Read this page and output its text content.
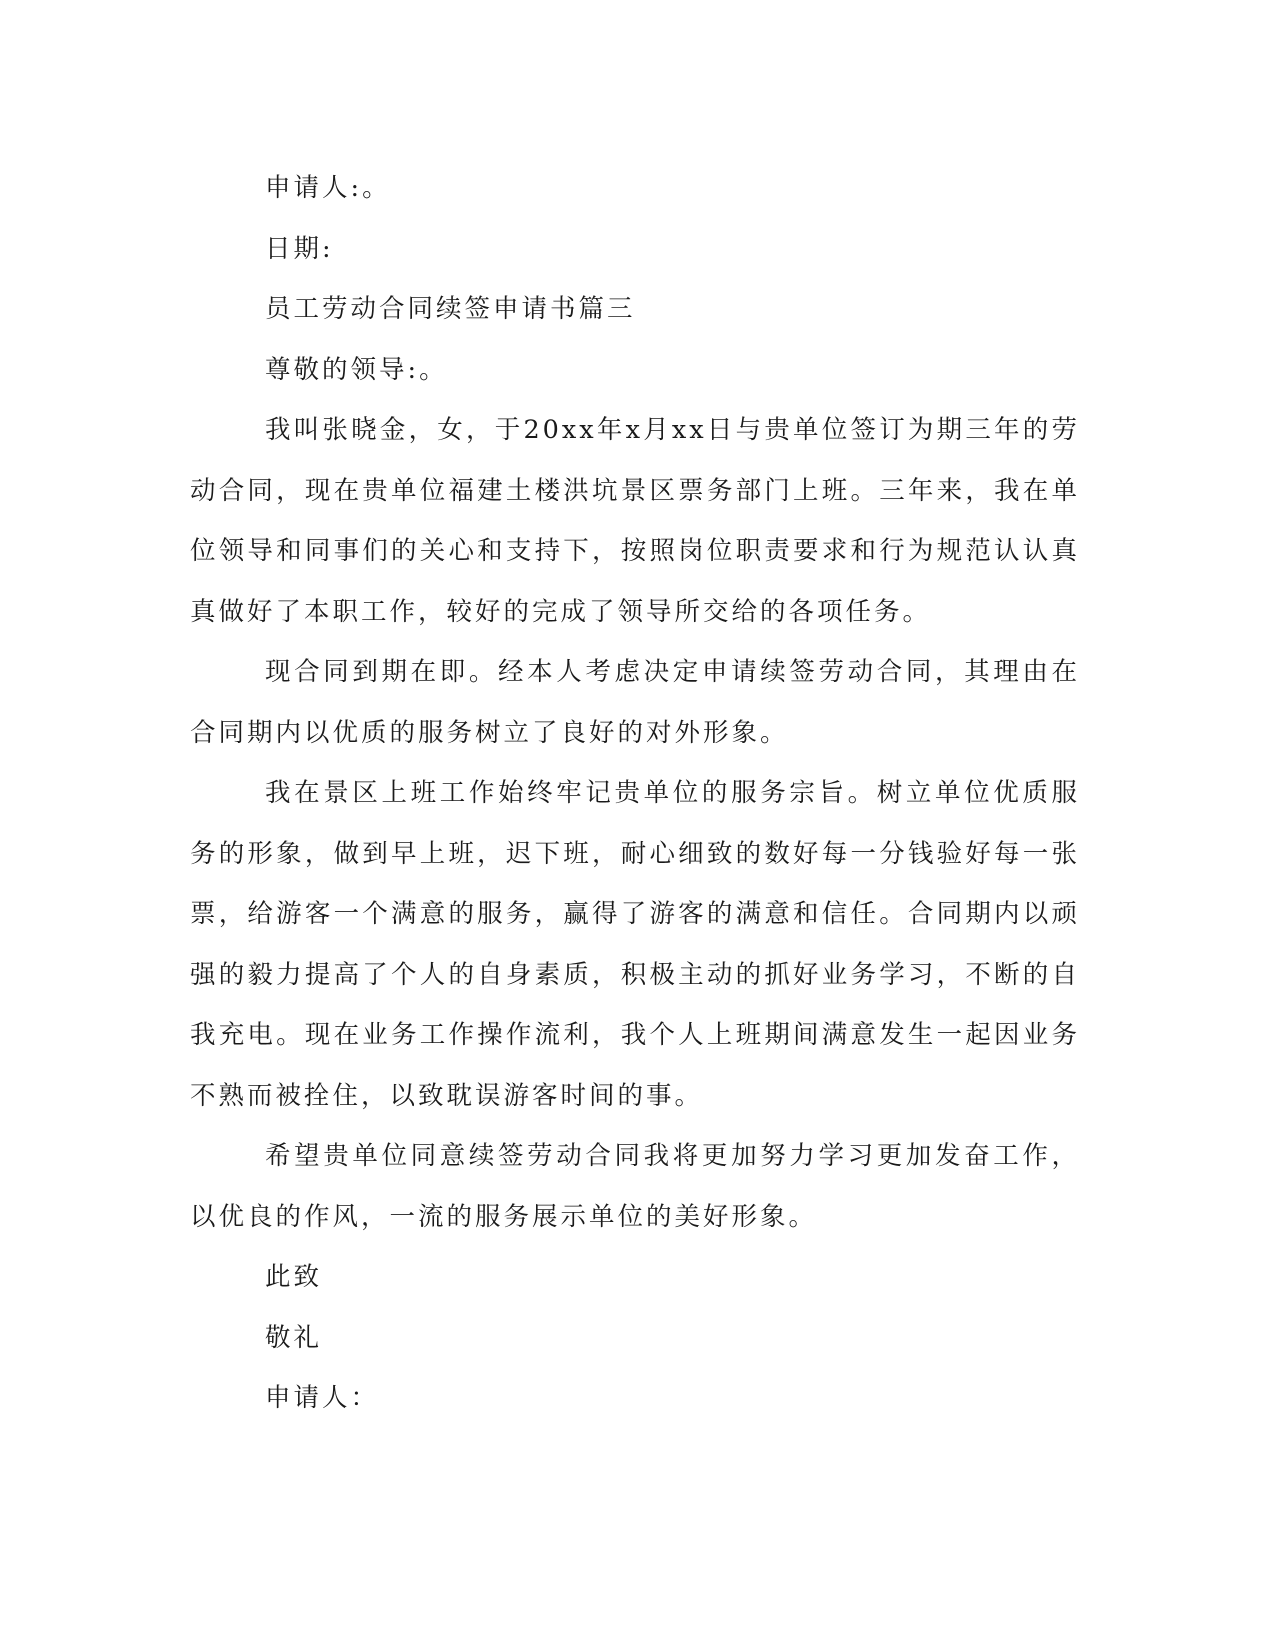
申请人:。

日期:

员工劳动合同续签申请书篇三

尊敬的领导:。

我叫张晓金，女，于20xx年x月xx日与贵单位签订为期三年的劳动合同，现在贵单位福建土楼洪坑景区票务部门上班。三年来，我在单位领导和同事们的关心和支持下，按照岗位职责要求和行为规范认认真真做好了本职工作，较好的完成了领导所交给的各项任务。

现合同到期在即。经本人考虑决定申请续签劳动合同，其理由在合同期内以优质的服务树立了良好的对外形象。

我在景区上班工作始终牢记贵单位的服务宗旨。树立单位优质服务的形象，做到早上班，迟下班，耐心细致的数好每一分钱验好每一张票，给游客一个满意的服务，赢得了游客的满意和信任。合同期内以顽强的毅力提高了个人的自身素质，积极主动的抓好业务学习，不断的自我充电。现在业务工作操作流利，我个人上班期间满意发生一起因业务不熟而被拴住，以致耽误游客时间的事。

希望贵单位同意续签劳动合同我将更加努力学习更加发奋工作，以优良的作风，一流的服务展示单位的美好形象。

此致

敬礼

申请人：
